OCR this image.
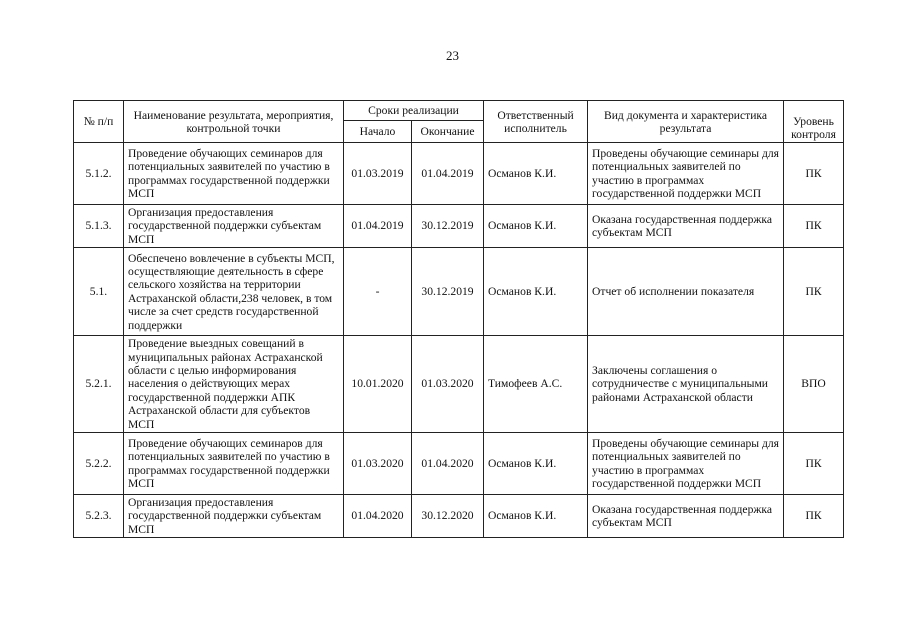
23
№ п/п	Наименование результата, мероприятия, контрольной точки	Сроки реализации		Ответственный исполнитель	Вид документа и характеристика результата	Уровень контроля
		Начало	Окончание			
5.1.2.	Проведение обучающих семинаров для потенциальных заявителей по участию в программах государственной поддержки МСП	01.03.2019	01.04.2019	Османов К.И.	Проведены обучающие семинары для потенциальных заявителей по участию в программах государственной поддержки МСП	ПК
5.1.3.	Организация предоставления государственной поддержки субъектам МСП	01.04.2019	30.12.2019	Османов К.И.	Оказана государственная поддержка субъектам МСП	ПК
5.1.	Обеспечено вовлечение в субъекты МСП, осуществляющие деятельность в сфере сельского хозяйства на территории Астраханской области,238 человек, в том числе за счет средств государственной поддержки	-	30.12.2019	Османов К.И.	Отчет об исполнении показателя	ПК
5.2.1.	Проведение выездных совещаний в муниципальных районах Астраханской области с целью информирования населения о действующих мерах государственной поддержки АПК Астраханской области для субъектов МСП	10.01.2020	01.03.2020	Тимофеев А.С.	Заключены соглашения о сотрудничестве с муниципальными районами Астраханской области	ВПО
5.2.2.	Проведение обучающих семинаров для потенциальных заявителей по участию в программах государственной поддержки МСП	01.03.2020	01.04.2020	Османов К.И.	Проведены обучающие семинары для потенциальных заявителей по участию в программах государственной поддержки МСП	ПК
5.2.3.	Организация предоставления государственной поддержки субъектам МСП	01.04.2020	30.12.2020	Османов К.И.	Оказана государственная поддержка субъектам МСП	ПК
